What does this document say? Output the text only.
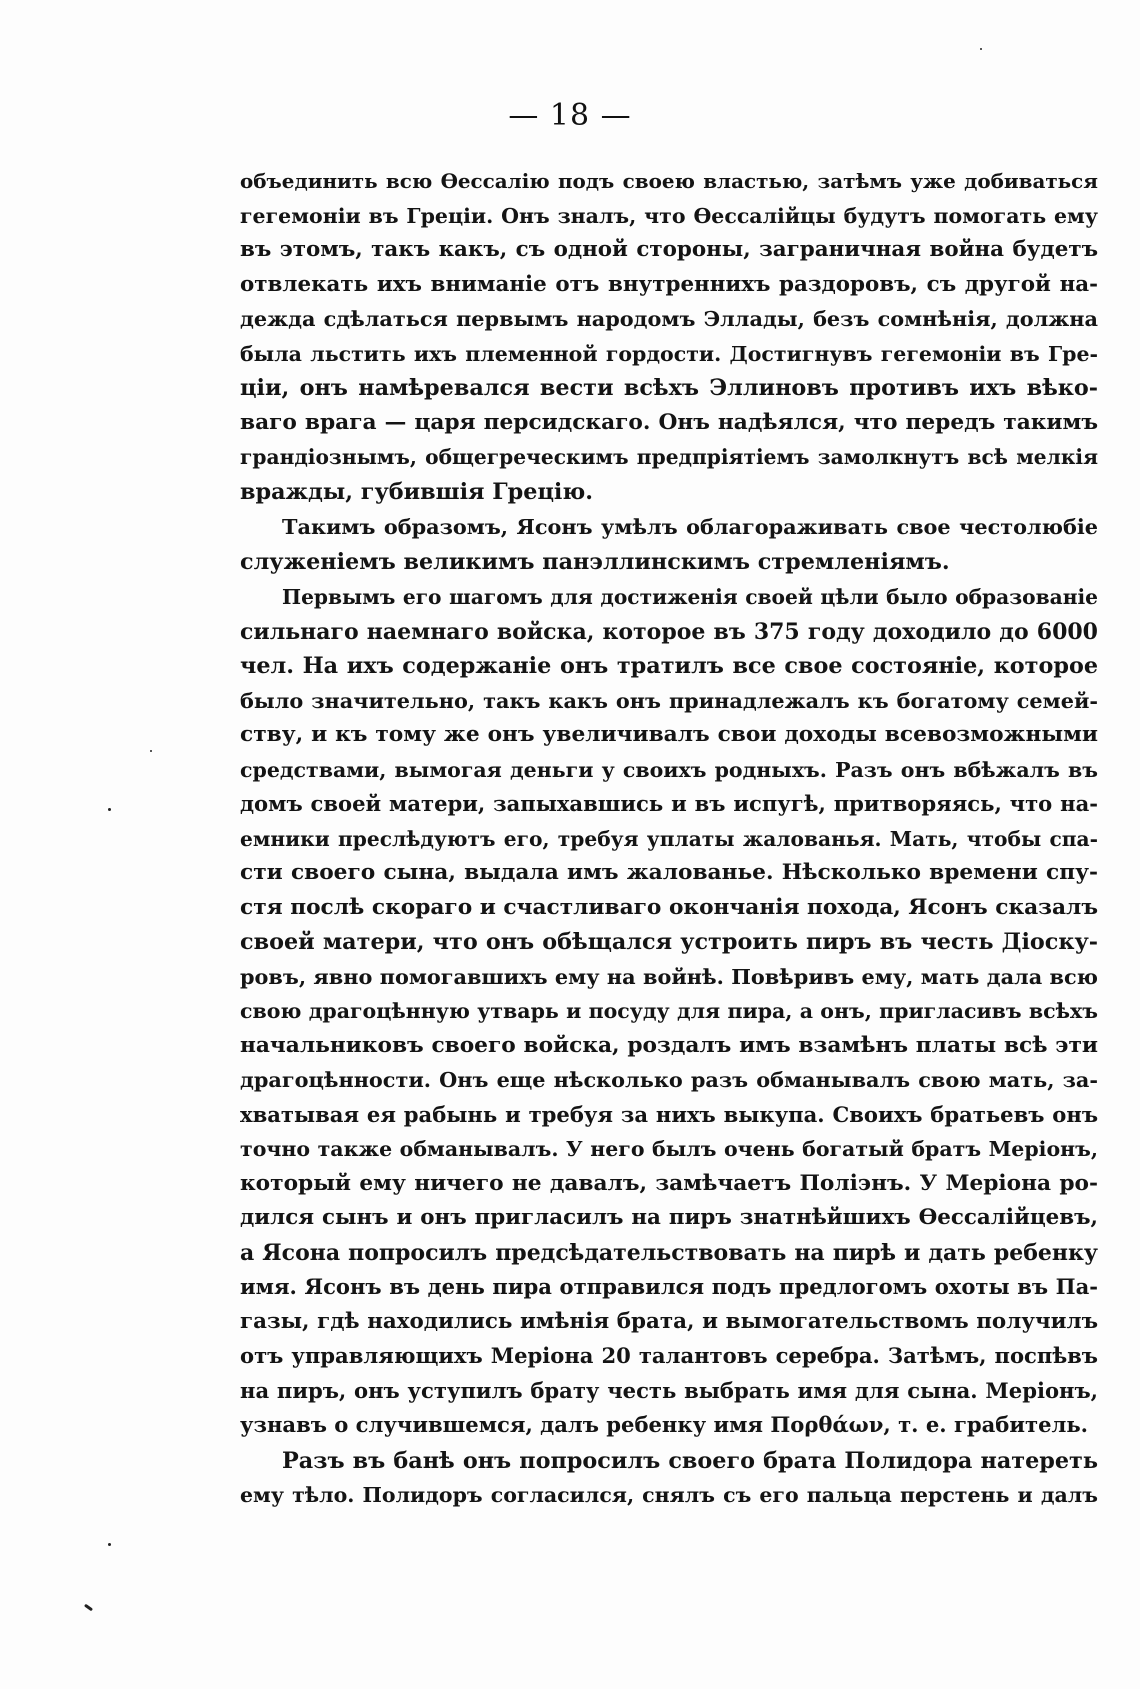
— 18 —
объединить всю Ѳессалію подъ своею властью, затѣмъ уже добиваться
гегемоніи въ Греціи. Онъ зналъ, что Ѳессалійцы будутъ помогать ему
въ этомъ, такъ какъ, съ одной стороны, заграничная война будетъ
отвлекать ихъ вниманіе отъ внутреннихъ раздоровъ, съ другой на-
дежда сдѣлаться первымъ народомъ Эллады, безъ сомнѣнія, должна
была льстить ихъ племенной гордости. Достигнувъ гегемоніи въ Гре-
ціи, онъ намѣревался вести всѣхъ Эллиновъ противъ ихъ вѣко-
ваго врага — царя персидскаго. Онъ надѣялся, что передъ такимъ
грандіознымъ, общегреческимъ предпріятіемъ замолкнутъ всѣ мелкія
вражды, губившія Грецію.
Такимъ образомъ, Ясонъ умѣлъ облагораживать свое честолюбіе
служеніемъ великимъ панэллинскимъ стремленіямъ.
Первымъ его шагомъ для достиженія своей цѣли было образованіе
сильнаго наемнаго войска, которое въ 375 году доходило до 6000
чел. На ихъ содержаніе онъ тратилъ все свое состояніе, которое
было значительно, такъ какъ онъ принадлежалъ къ богатому семей-
ству, и къ тому же онъ увеличивалъ свои доходы всевозможными
средствами, вымогая деньги у своихъ родныхъ. Разъ онъ вбѣжалъ въ
домъ своей матери, запыхавшись и въ испугѣ, притворяясь, что на-
емники преслѣдуютъ его, требуя уплаты жалованья. Мать, чтобы спа-
сти своего сына, выдала имъ жалованье. Нѣсколько времени спу-
стя послѣ скораго и счастливаго окончанія похода, Ясонъ сказалъ
своей матери, что онъ обѣщался устроить пиръ въ честь Діоску-
ровъ, явно помогавшихъ ему на войнѣ. Повѣривъ ему, мать дала всю
свою драгоцѣнную утварь и посуду для пира, а онъ, пригласивъ всѣхъ
начальниковъ своего войска, роздалъ имъ взамѣнъ платы всѣ эти
драгоцѣнности. Онъ еще нѣсколько разъ обманывалъ свою мать, за-
хватывая ея рабынь и требуя за нихъ выкупа. Своихъ братьевъ онъ
точно также обманывалъ. У него былъ очень богатый братъ Меріонъ,
который ему ничего не давалъ, замѣчаетъ Поліэнъ. У Меріона ро-
дился сынъ и онъ пригласилъ на пиръ знатнѣйшихъ Ѳессалійцевъ,
а Ясона попросилъ предсѣдательствовать на пирѣ и дать ребенку
имя. Ясонъ въ день пира отправился подъ предлогомъ охоты въ Па-
газы, гдѣ находились имѣнія брата, и вымогательствомъ получилъ
отъ управляющихъ Меріона 20 талантовъ серебра. Затѣмъ, поспѣвъ
на пиръ, онъ уступилъ брату честь выбрать имя для сына. Меріонъ,
узнавъ о случившемся, далъ ребенку имя Πορθάων, т. е. грабитель.
Разъ въ банѣ онъ попросилъ своего брата Полидора натереть
ему тѣло. Полидоръ согласился, снялъ съ его пальца перстень и далъ
